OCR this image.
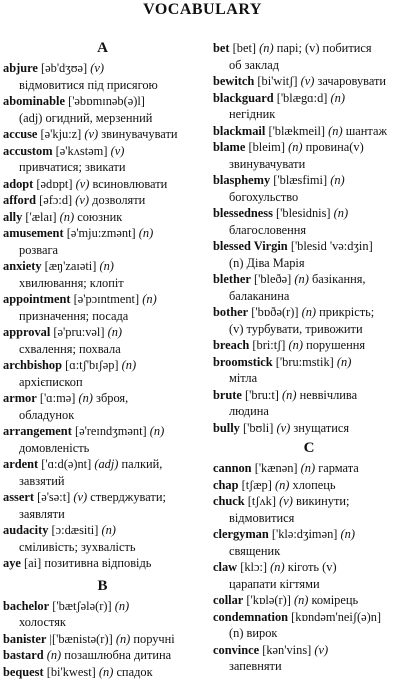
VOCABULARY
A
abjure [əb'dʒʊə] (v)
відмовитися під присягою
abominable ['əbɒmɪnəb(ə)l]
(adj) огидний, мерзенний
accuse [ə'kju:z] (v) звинувачувати
accustom [ə'kʌstəm] (v)
привчатися; звикати
adopt [ədɒpt] (v) всиновлювати
afford [əfɔ:d] (v) дозволяти
ally ['ælaɪ] (n) союзник
amusement [ə'mju:zmənt] (n)
розвага
anxiety [æŋ'zaɪəti] (n)
хвилювання; клопіт
appointment [ə'pɔɪntment] (n)
призначення; посада
approval [ə'pru:vəl] (n)
схвалення; похвала
archbishop [ɑ:tʃ'bɪʃəp] (n)
архієпископ
armor ['ɑ:mə] (n) зброя,
обладунок
arrangement [ə'reɪndʒmənt] (n)
домовленість
ardent ['ɑ:d(ə)nt] (adj) палкий,
завзятий
assert [ə'sə:t] (v) стверджувати;
заявляти
audacity [ɔ:dæsiti] (n)
сміливість; зухвалість
aye [ai] позитивна відповідь
B
bachelor ['bætʃələ(r)] (n)
холостяк
banister |['bænistə(r)] (n) поручні
bastard (n) позашлюбна дитина
bequest [bi'kwest] (n) спадок
bet [bet] (n) парі; (v) побитися
об заклад
bewitch [bi'witʃ] (v) зачаровувати
blackguard ['blægɑ:d] (n)
негідник
blackmail ['blækmeil] (n) шантаж
blame [bleim] (n) провина(v)
звинувачувати
blasphemy ['blæsfimi] (n)
богохульство
blessedness ['blesidnis] (n)
благословення
blessed Virgin ['blesid 'və:dʒin]
(n) Діва Марія
blether ['bleðə] (n) базікання,
балаканина
bother ['bɒðə(r)] (n) прикрість;
(v) турбувати, тривожити
breach [bri:tʃ] (n) порушення
broomstick ['bru:mstik] (n)
мітла
brute ['bru:t] (n) неввічлива
людина
bully ['bʊli] (v) знущатися
C
cannon ['kænən] (n) гармата
chap [tʃæp] (n) хлопець
chuck [tʃʌk] (v) викинути;
відмовитися
clergyman ['klə:dʒimən] (n)
священик
claw [klɔ:] (n) кіготь (v)
царапати кігтями
collar ['kɒlə(r)] (n) комірець
condemnation [kɒndəm'neiʃ(ə)n]
(n) вирок
convince [kən'vins] (v)
запевняти
